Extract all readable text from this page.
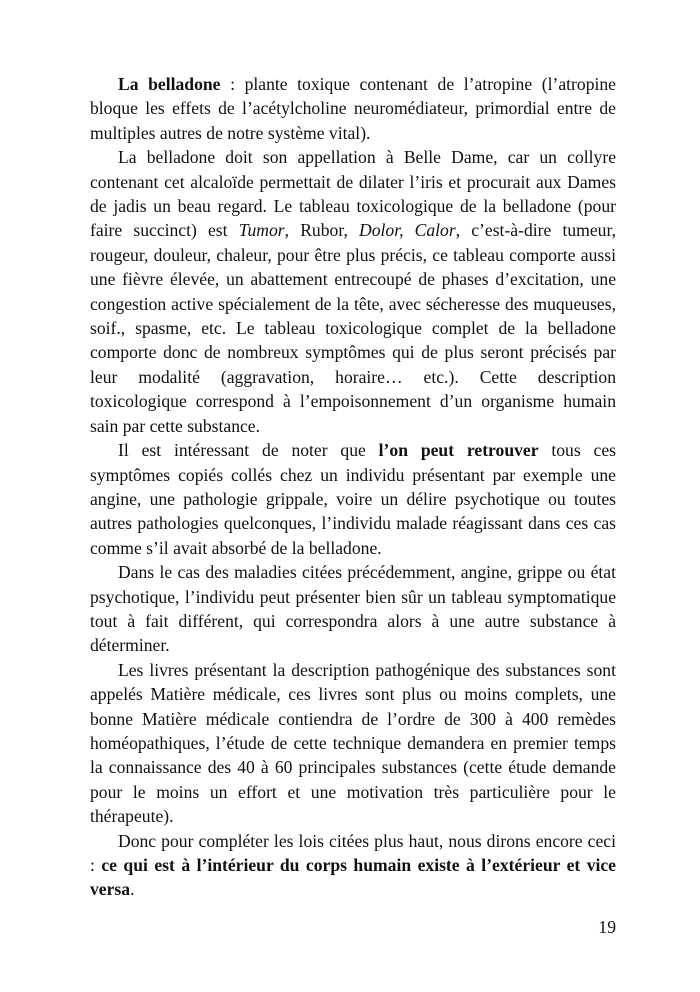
La belladone : plante toxique contenant de l’atropine (l’atropine bloque les effets de l’acétylcholine neuromédiateur, primordial entre de multiples autres de notre système vital).

La belladone doit son appellation à Belle Dame, car un collyre contenant cet alcaloïde permettait de dilater l’iris et procurait aux Dames de jadis un beau regard. Le tableau toxicologique de la belladone (pour faire succinct) est Tumor, Rubor, Dolor, Calor, c’est-à-dire tumeur, rougeur, douleur, chaleur, pour être plus précis, ce tableau comporte aussi une fièvre élevée, un abattement entrecoupé de phases d’excitation, une congestion active spécialement de la tête, avec sécheresse des muqueuses, soif., spasme, etc. Le tableau toxicologique complet de la belladone comporte donc de nombreux symptômes qui de plus seront précisés par leur modalité (aggravation, horaire… etc.). Cette description toxicologique correspond à l’empoisonnement d’un organisme humain sain par cette substance.

Il est intéressant de noter que l’on peut retrouver tous ces symptômes copiés collés chez un individu présentant par exemple une angine, une pathologie grippale, voire un délire psychotique ou toutes autres pathologies quelconques, l’individu malade réagissant dans ces cas comme s’il avait absorbé de la belladone.

Dans le cas des maladies citées précédemment, angine, grippe ou état psychotique, l’individu peut présenter bien sûr un tableau symptomatique tout à fait différent, qui correspondra alors à une autre substance à déterminer.

Les livres présentant la description pathogénique des substances sont appelés Matière médicale, ces livres sont plus ou moins complets, une bonne Matière médicale contiendra de l’ordre de 300 à 400 remèdes homéopathiques, l’étude de cette technique demandera en premier temps la connaissance des 40 à 60 principales substances (cette étude demande pour le moins un effort et une motivation très particulière pour le thérapeute).

Donc pour compléter les lois citées plus haut, nous dirons encore ceci : ce qui est à l’intérieur du corps humain existe à l’extérieur et vice versa.

19
